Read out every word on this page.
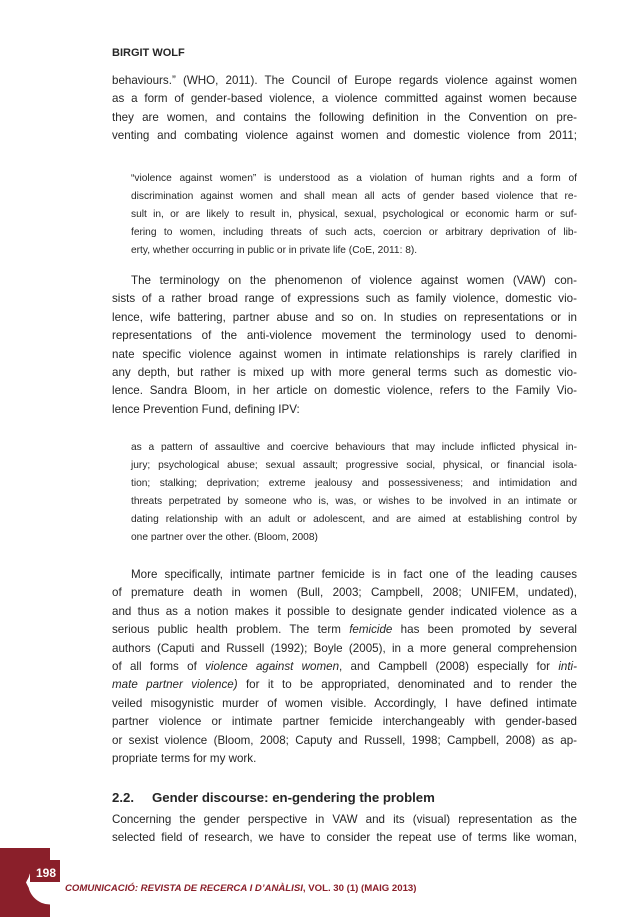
BIRGIT WOLF
behaviours.” (WHO, 2011). The Council of Europe regards violence against women
as a form of gender-based violence, a violence committed against women because
they are women, and contains the following definition in the Convention on pre-
venting and combating violence against women and domestic violence from 2011;
“violence against women” is understood as a violation of human rights and a form of
discrimination against women and shall mean all acts of gender based violence that re-
sult in, or are likely to result in, physical, sexual, psychological or economic harm or suf-
fering to women, including threats of such acts, coercion or arbitrary deprivation of lib-
erty, whether occurring in public or in private life (CoE, 2011: 8).
The terminology on the phenomenon of violence against women (VAW) con-
sists of a rather broad range of expressions such as family violence, domestic vio-
lence, wife battering, partner abuse and so on. In studies on representations or in
representations of the anti-violence movement the terminology used to denomi-
nate specific violence against women in intimate relationships is rarely clarified in
any depth, but rather is mixed up with more general terms such as domestic vio-
lence. Sandra Bloom, in her article on domestic violence, refers to the Family Vio-
lence Prevention Fund, defining IPV:
as a pattern of assaultive and coercive behaviours that may include inflicted physical in-
jury; psychological abuse; sexual assault; progressive social, physical, or financial isola-
tion; stalking; deprivation; extreme jealousy and possessiveness; and intimidation and
threats perpetrated by someone who is, was, or wishes to be involved in an intimate or
dating relationship with an adult or adolescent, and are aimed at establishing control by
one partner over the other. (Bloom, 2008)
More specifically, intimate partner femicide is in fact one of the leading causes
of premature death in women (Bull, 2003; Campbell, 2008; UNIFEM, undated),
and thus as a notion makes it possible to designate gender indicated violence as a
serious public health problem. The term femicide has been promoted by several
authors (Caputi and Russell (1992); Boyle (2005), in a more general comprehension
of all forms of violence against women, and Campbell (2008) especially for inti-
mate partner violence) for it to be appropriated, denominated and to render the
veiled misogynistic murder of women visible. Accordingly, I have defined intimate
partner violence or intimate partner femicide interchangeably with gender-based
or sexist violence (Bloom, 2008; Caputy and Russell, 1998; Campbell, 2008) as ap-
propriate terms for my work.
2.2. Gender discourse: en-gendering the problem
Concerning the gender perspective in VAW and its (visual) representation as the
selected field of research, we have to consider the repeat use of terms like woman,
198
COMUNICACIÓ: REVISTA DE RECERCA I D’ANÀLISI, VOL. 30 (1) (MAIG 2013)
